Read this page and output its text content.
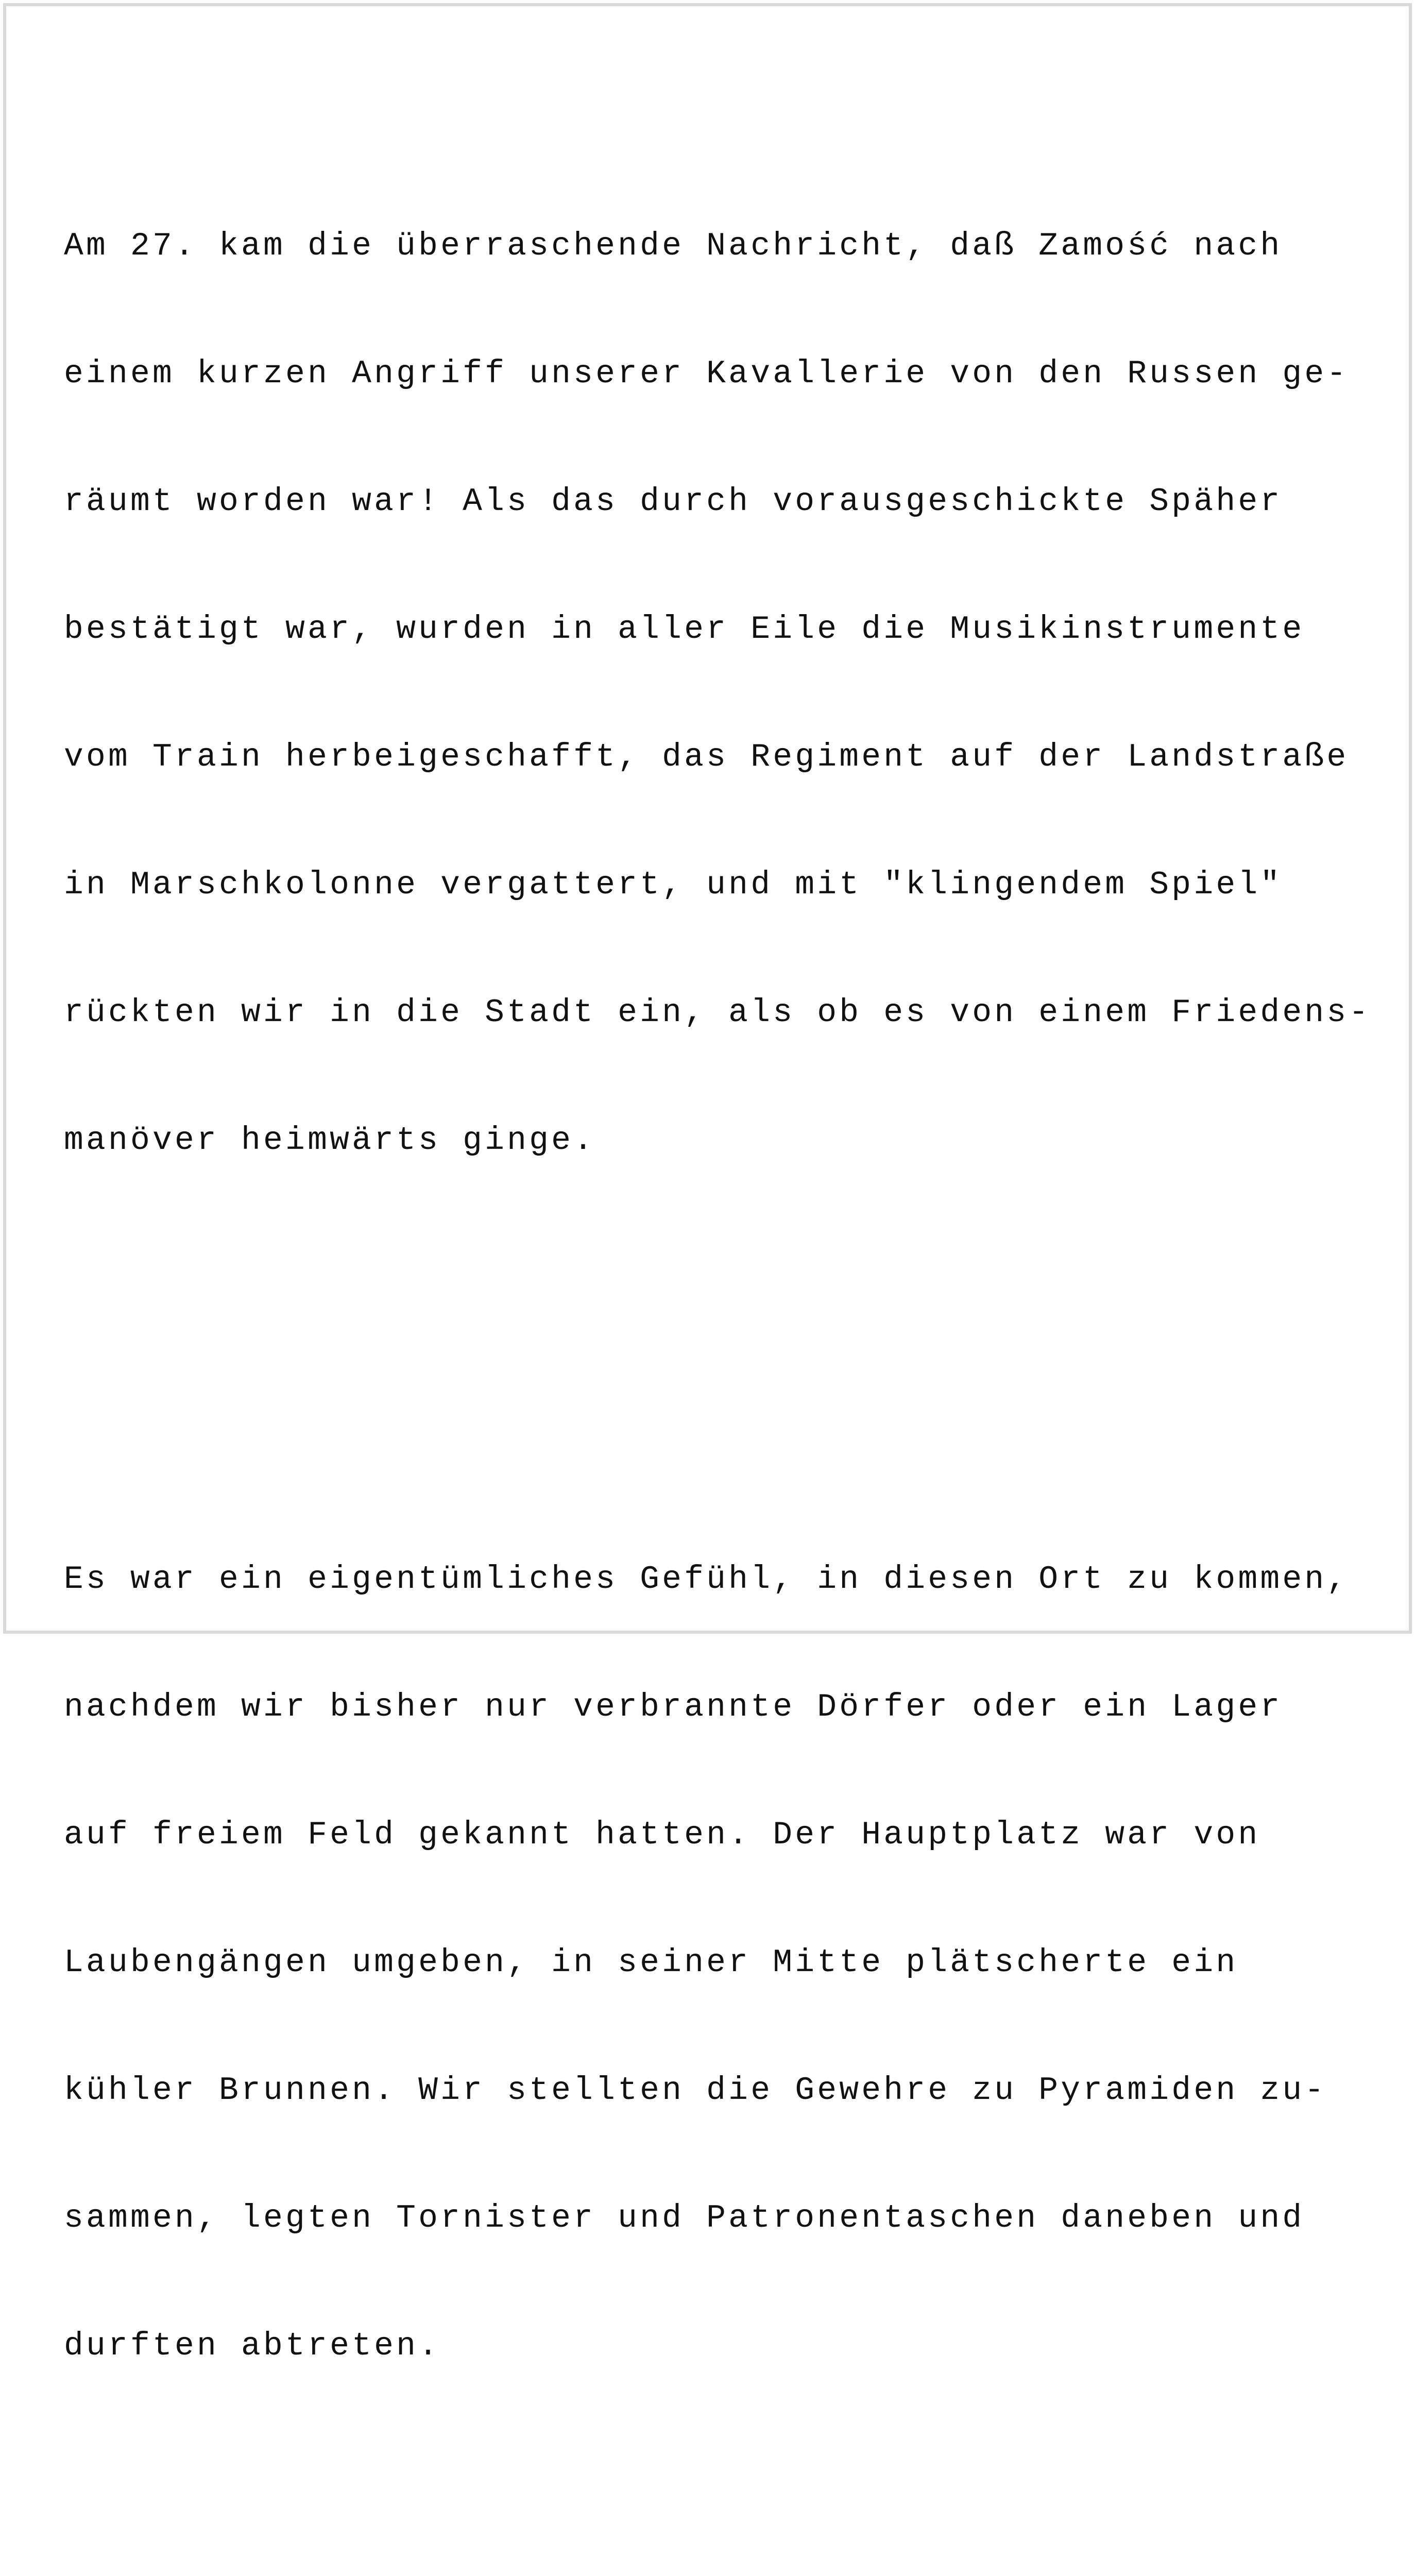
Am 27. kam die überraschende Nachricht, daß Zamość nach

einem kurzen Angriff unserer Kavallerie von den Russen ge-

räumt worden war! Als das durch vorausgeschickte Späher

bestätigt war, wurden in aller Eile die Musikinstrumente

vom Train herbeigeschafft, das Regiment auf der Landstraße

in Marschkolonne vergattert, und mit "klingendem Spiel"

rückten wir in die Stadt ein, als ob es von einem Friedens-

manöver heimwärts ginge.

Es war ein eigentümliches Gefühl, in diesen Ort zu kommen,

nachdem wir bisher nur verbrannte Dörfer oder ein Lager

auf freiem Feld gekannt hatten. Der Hauptplatz war von

Laubengängen umgeben, in seiner Mitte plätscherte ein

kühler Brunnen. Wir stellten die Gewehre zu Pyramiden zu-

sammen, legten Tornister und Patronentaschen daneben und

durften abtreten.
